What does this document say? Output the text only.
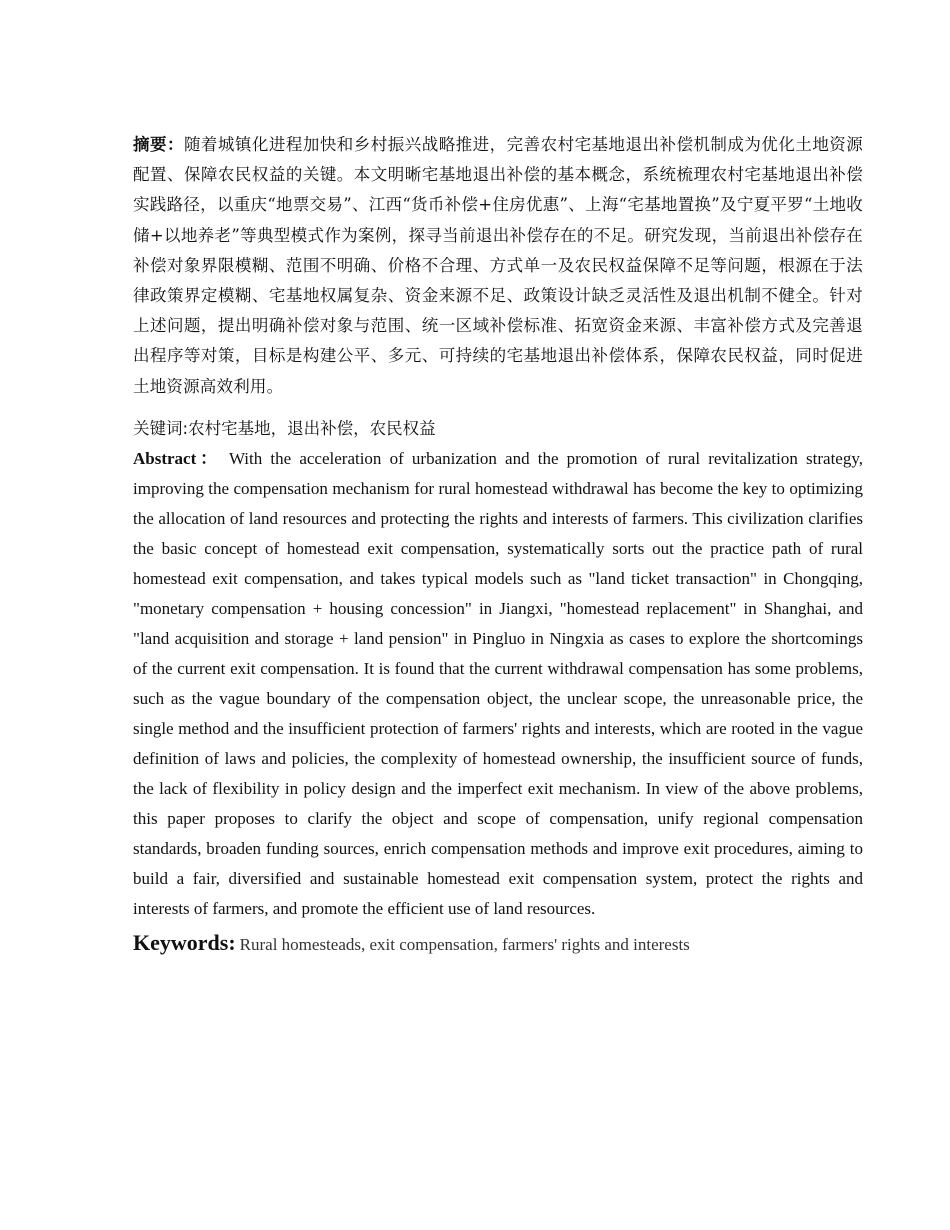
摘要：随着城镇化进程加快和乡村振兴战略推进，完善农村宅基地退出补偿机制成为优化土地资源配置、保障农民权益的关键。本文明晰宅基地退出补偿的基本概念，系统梳理农村宅基地退出补偿实践路径，以重庆“地票交易”、江西“货币补偿+住房优惠”、上海“宅基地置换”及宁夏平罗“土地收储+以地养老”等典型模式作为案例，探寻当前退出补偿存在的不足。研究发现，当前退出补偿存在补偿对象界限模糊、范围不明确、价格不合理、方式单一及农民权益保障不足等问题，根源在于法律政策界定模糊、宅基地权属复杂、资金来源不足、政策设计缺乏灵活性及退出机制不健全。针对上述问题，提出明确补偿对象与范围、统一区域补偿标准、拓宽资金来源、丰富补偿方式及完善退出程序等对策，目标是构建公平、多元、可持续的宅基地退出补偿体系，保障农民权益，同时促进土地资源高效利用。

关键词:农村宅基地，退出补偿，农民权益

Abstract： With the acceleration of urbanization and the promotion of rural revitalization strategy, improving the compensation mechanism for rural homestead withdrawal has become the key to optimizing the allocation of land resources and protecting the rights and interests of farmers. This civilization clarifies the basic concept of homestead exit compensation, systematically sorts out the practice path of rural homestead exit compensation, and takes typical models such as "land ticket transaction" in Chongqing, "monetary compensation + housing concession" in Jiangxi, "homestead replacement" in Shanghai, and "land acquisition and storage + land pension" in Pingluo in Ningxia as cases to explore the shortcomings of the current exit compensation. It is found that the current withdrawal compensation has some problems, such as the vague boundary of the compensation object, the unclear scope, the unreasonable price, the single method and the insufficient protection of farmers' rights and interests, which are rooted in the vague definition of laws and policies, the complexity of homestead ownership, the insufficient source of funds, the lack of flexibility in policy design and the imperfect exit mechanism. In view of the above problems, this paper proposes to clarify the object and scope of compensation, unify regional compensation standards, broaden funding sources, enrich compensation methods and improve exit procedures, aiming to build a fair, diversified and sustainable homestead exit compensation system, protect the rights and interests of farmers, and promote the efficient use of land resources.

Keywords: Rural homesteads, exit compensation, farmers' rights and interests
